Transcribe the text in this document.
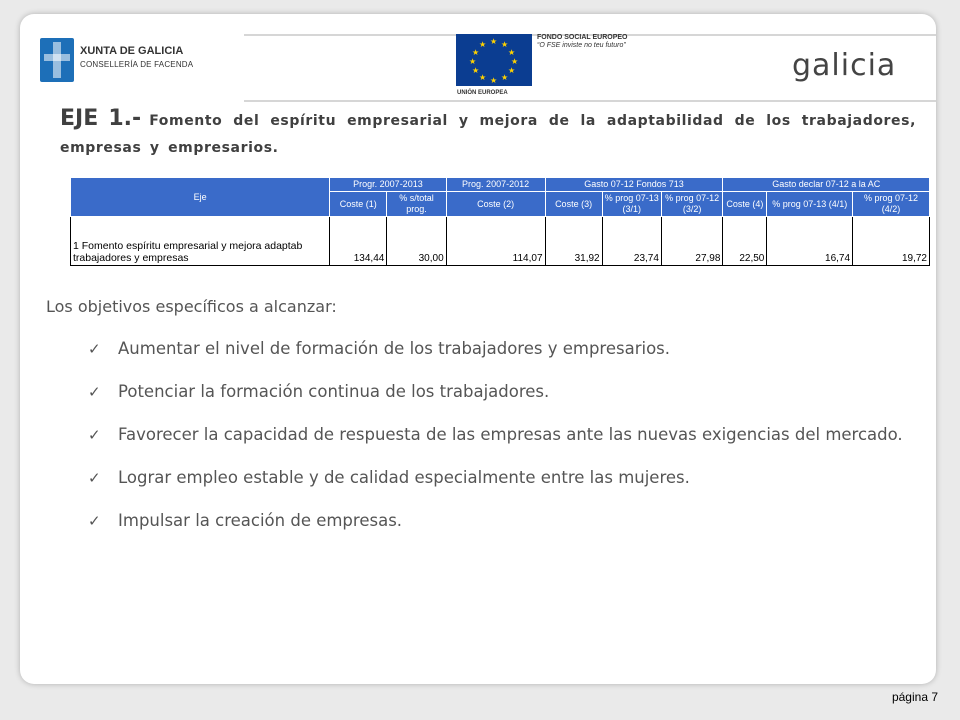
XUNTA DE GALICIA
CONSELLERÍA DE FACENDA
★ ★
★
★
★
★
★
★
★
★
★
★
UNIÓN EUROPEA
FONDO SOCIAL EUROPEO
“O FSE inviste no teu futuro”
galicia
EJE 1.- Fomento del espíritu empresarial y mejora de la adaptabilidad de los trabajadores, empresas y empresarios.
Eje	Progr. 2007-2013		Prog. 2007-2012	Gasto 07-12 Fondos 713			Gasto declar 07-12 a la AC		
	Coste (1)	% s/total prog.	Coste (2)	Coste (3)	% prog 07-13 (3/1)	% prog 07-12 (3/2)	Coste (4)	% prog 07-13 (4/1)	% prog 07-12 (4/2)
1 Fomento espíritu empresarial y mejora adaptab trabajadores y empresas	134,44	30,00	114,07	31,92	23,74	27,98	22,50	16,74	19,72
Los objetivos específicos a alcanzar:
✓ Aumentar el nivel de formación de los trabajadores y empresarios.
✓ Potenciar la formación continua de los trabajadores.
✓ Favorecer la capacidad de respuesta de las empresas ante las nuevas exigencias del mercado.
✓ Lograr empleo estable y de calidad especialmente entre las mujeres.
✓ Impulsar la creación de empresas.
página 7
